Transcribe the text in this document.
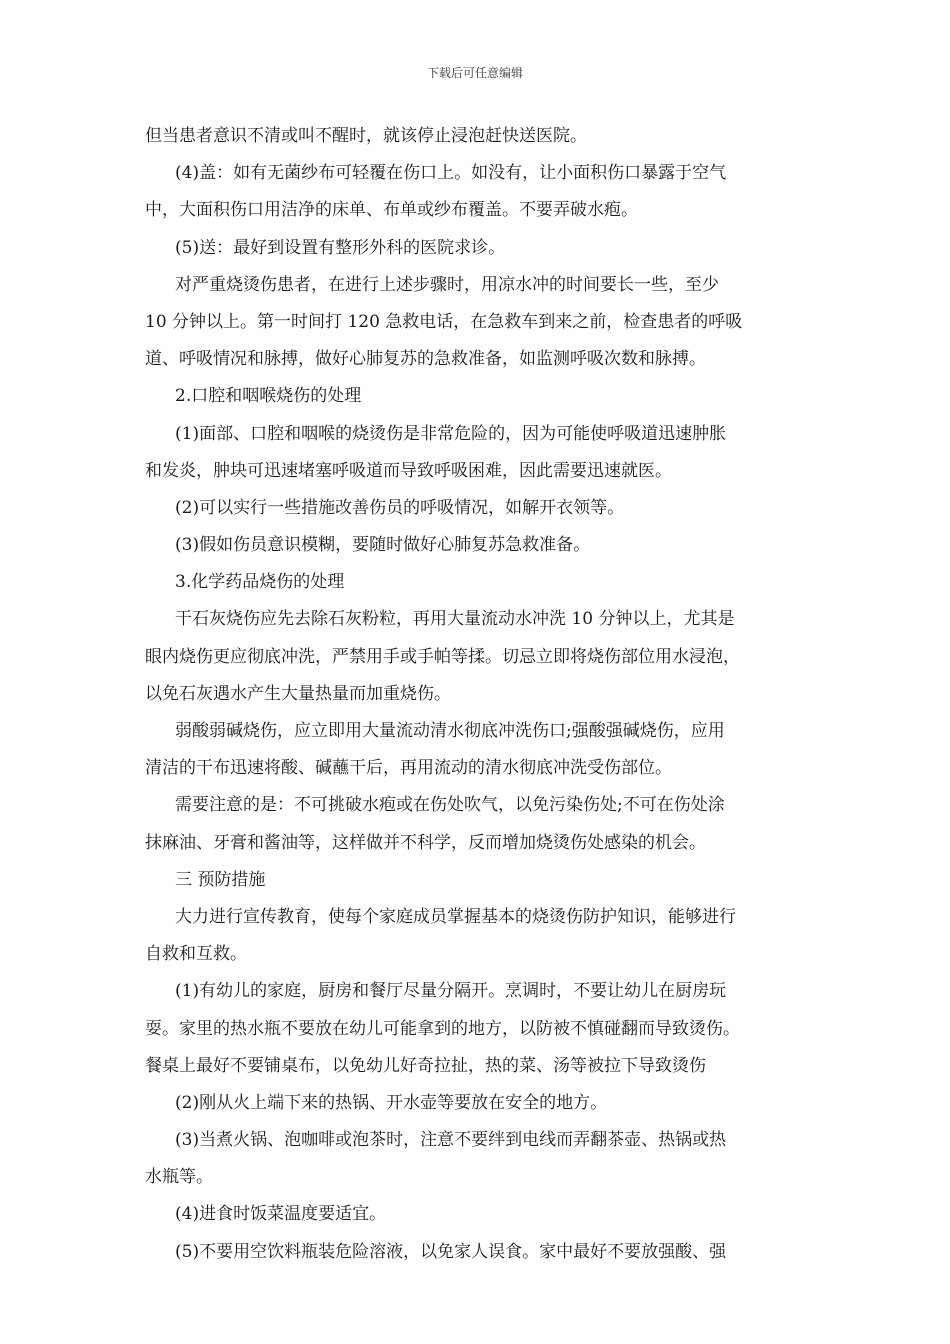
下载后可任意编辑
但当患者意识不清或叫不醒时，就该停止浸泡赶快送医院。
(4)盖：如有无菌纱布可轻覆在伤口上。如没有，让小面积伤口暴露于空气
中，大面积伤口用洁净的床单、布单或纱布覆盖。不要弄破水疱。
(5)送：最好到设置有整形外科的医院求诊。
对严重烧烫伤患者，在进行上述步骤时，用凉水冲的时间要长一些，至少
10 分钟以上。第一时间打 120 急救电话，在急救车到来之前，检查患者的呼吸
道、呼吸情况和脉搏，做好心肺复苏的急救准备，如监测呼吸次数和脉搏。
2.口腔和咽喉烧伤的处理
(1)面部、口腔和咽喉的烧烫伤是非常危险的，因为可能使呼吸道迅速肿胀
和发炎，肿块可迅速堵塞呼吸道而导致呼吸困难，因此需要迅速就医。
(2)可以实行一些措施改善伤员的呼吸情况，如解开衣领等。
(3)假如伤员意识模糊，要随时做好心肺复苏急救准备。
3.化学药品烧伤的处理
干石灰烧伤应先去除石灰粉粒，再用大量流动水冲洗 10 分钟以上，尤其是
眼内烧伤更应彻底冲洗，严禁用手或手帕等揉。切忌立即将烧伤部位用水浸泡，
以免石灰遇水产生大量热量而加重烧伤。
弱酸弱碱烧伤，应立即用大量流动清水彻底冲洗伤口;强酸强碱烧伤，应用
清洁的干布迅速将酸、碱蘸干后，再用流动的清水彻底冲洗受伤部位。
需要注意的是：不可挑破水疱或在伤处吹气，以免污染伤处;不可在伤处涂
抹麻油、牙膏和酱油等，这样做并不科学，反而增加烧烫伤处感染的机会。
三 预防措施
大力进行宣传教育，使每个家庭成员掌握基本的烧烫伤防护知识，能够进行
自救和互救。
(1)有幼儿的家庭，厨房和餐厅尽量分隔开。烹调时，不要让幼儿在厨房玩
耍。家里的热水瓶不要放在幼儿可能拿到的地方，以防被不慎碰翻而导致烫伤。
餐桌上最好不要铺桌布，以免幼儿好奇拉扯，热的菜、汤等被拉下导致烫伤
(2)刚从火上端下来的热锅、开水壶等要放在安全的地方。
(3)当煮火锅、泡咖啡或泡茶时，注意不要绊到电线而弄翻茶壶、热锅或热
水瓶等。
(4)进食时饭菜温度要适宜。
(5)不要用空饮料瓶装危险溶液，以免家人误食。家中最好不要放强酸、强
